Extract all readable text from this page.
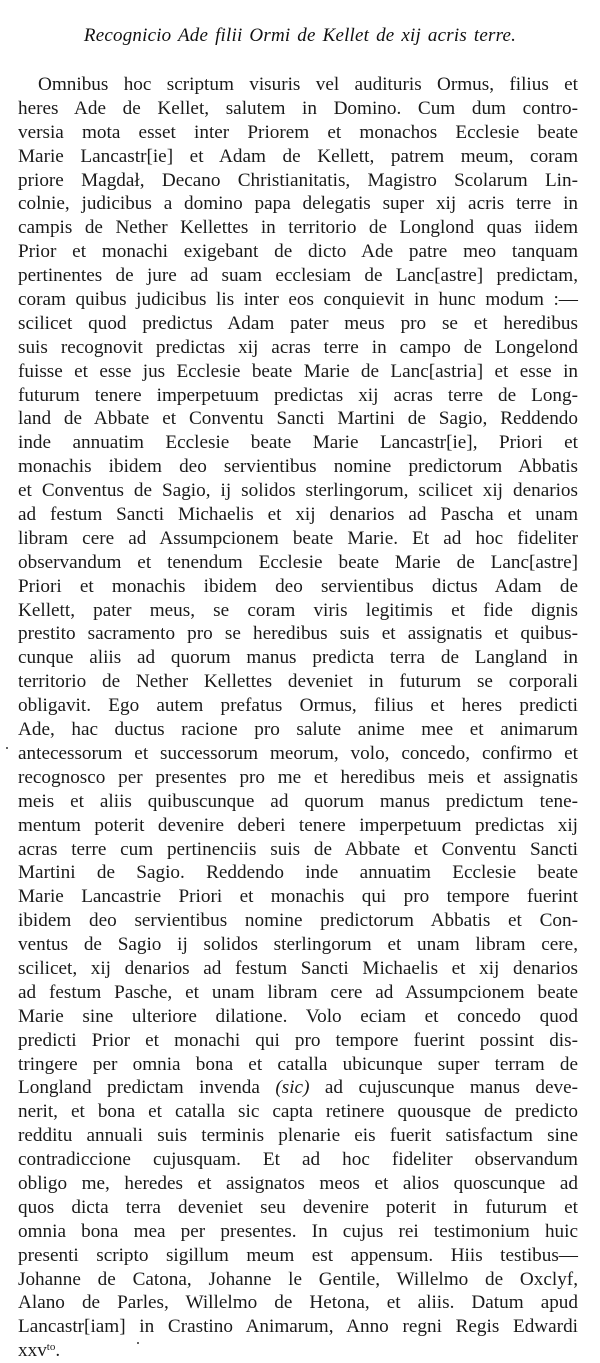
Recognicio Ade filii Ormi de Kellet de xij acris terre.
Omnibus hoc scriptum visuris vel audituris Ormus, filius et
heres Ade de Kellet, salutem in Domino. Cum dum contro-
versia mota esset inter Priorem et monachos Ecclesie beate
Marie Lancastr[ie] et Adam de Kellett, patrem meum, coram
priore Magdał, Decano Christianitatis, Magistro Scolarum Lin-
colnie, judicibus a domino papa delegatis super xij acris terre in
campis de Nether Kellettes in territorio de Longlond quas iidem
Prior et monachi exigebant de dicto Ade patre meo tanquam
pertinentes de jure ad suam ecclesiam de Lanc[astre] predictam,
coram quibus judicibus lis inter eos conquievit in hunc modum :—
scilicet quod predictus Adam pater meus pro se et heredibus
suis recognovit predictas xij acras terre in campo de Longelond
fuisse et esse jus Ecclesie beate Marie de Lanc[astria] et esse in
futurum tenere imperpetuum predictas xij acras terre de Long-
land de Abbate et Conventu Sancti Martini de Sagio, Reddendo
inde annuatim Ecclesie beate Marie Lancastr[ie], Priori et
monachis ibidem deo servientibus nomine predictorum Abbatis
et Conventus de Sagio, ij solidos sterlingorum, scilicet xij denarios
ad festum Sancti Michaelis et xij denarios ad Pascha et unam
libram cere ad Assumpcionem beate Marie. Et ad hoc fideliter
observandum et tenendum Ecclesie beate Marie de Lanc[astre]
Priori et monachis ibidem deo servientibus dictus Adam de
Kellett, pater meus, se coram viris legitimis et fide dignis
prestito sacramento pro se heredibus suis et assignatis et quibus-
cunque aliis ad quorum manus predicta terra de Langland in
territorio de Nether Kellettes deveniet in futurum se corporali
obligavit. Ego autem prefatus Ormus, filius et heres predicti
Ade, hac ductus racione pro salute anime mee et animarum
antecessorum et successorum meorum, volo, concedo, confirmo et
recognosco per presentes pro me et heredibus meis et assignatis
meis et aliis quibuscunque ad quorum manus predictum tene-
mentum poterit devenire deberi tenere imperpetuum predictas xij
acras terre cum pertinenciis suis de Abbate et Conventu Sancti
Martini de Sagio. Reddendo inde annuatim Ecclesie beate
Marie Lancastrie Priori et monachis qui pro tempore fuerint
ibidem deo servientibus nomine predictorum Abbatis et Con-
ventus de Sagio ij solidos sterlingorum et unam libram cere,
scilicet, xij denarios ad festum Sancti Michaelis et xij denarios
ad festum Pasche, et unam libram cere ad Assumpcionem beate
Marie sine ulteriore dilatione. Volo eciam et concedo quod
predicti Prior et monachi qui pro tempore fuerint possint dis-
tringere per omnia bona et catalla ubicunque super terram de
Longland predictam invenda (sic) ad cujuscunque manus deve-
nerit, et bona et catalla sic capta retinere quousque de predicto
redditu annuali suis terminis plenarie eis fuerit satisfactum sine
contradiccione cujusquam. Et ad hoc fideliter observandum
obligo me, heredes et assignatos meos et alios quoscunque ad
quos dicta terra deveniet seu devenire poterit in futurum et
omnia bona mea per presentes. In cujus rei testimonium huic
presenti scripto sigillum meum est appensum. Hiis testibus—
Johanne de Catona, Johanne le Gentile, Willelmo de Oxclyf,
Alano de Parles, Willelmo de Hetona, et aliis. Datum apud
Lancastr[iam] in Crastino Animarum, Anno regni Regis Edwardi
xxv$^{to}$.
